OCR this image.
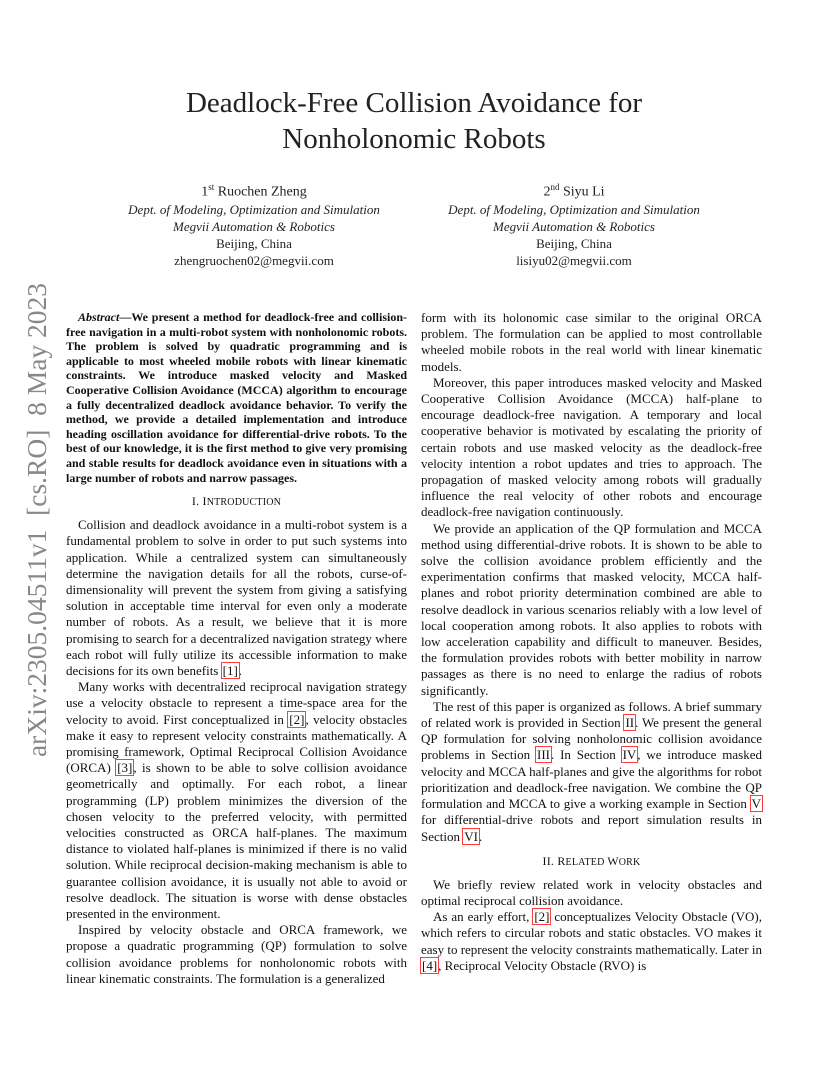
arXiv:2305.04511v1  [cs.RO]  8 May 2023
Deadlock-Free Collision Avoidance for
Nonholonomic Robots
1st Ruochen Zheng
Dept. of Modeling, Optimization and Simulation
Megvii Automation & Robotics
Beijing, China
zhengruochen02@megvii.com
2nd Siyu Li
Dept. of Modeling, Optimization and Simulation
Megvii Automation & Robotics
Beijing, China
lisiyu02@megvii.com

Abstract—We present a method for deadlock-free and collision-free navigation in a multi-robot system with nonholonomic robots. The problem is solved by quadratic programming and is applicable to most wheeled mobile robots with linear kinematic constraints. We introduce masked velocity and Masked Cooperative Collision Avoidance (MCCA) algorithm to encourage a fully decentralized deadlock avoidance behavior. To verify the method, we provide a detailed implementation and introduce heading oscillation avoidance for differential-drive robots. To the best of our knowledge, it is the first method to give very promising and stable results for deadlock avoidance even in situations with a large number of robots and narrow passages.

I. INTRODUCTION

Collision and deadlock avoidance in a multi-robot system is a fundamental problem to solve in order to put such systems into application. While a centralized system can simultaneously determine the navigation details for all the robots, curse-of-dimensionality will prevent the system from giving a satisfying solution in acceptable time interval for even only a moderate number of robots. As a result, we believe that it is more promising to search for a decentralized navigation strategy where each robot will fully utilize its accessible information to make decisions for its own benefits [1].

Many works with decentralized reciprocal navigation strategy use a velocity obstacle to represent a time-space area for the velocity to avoid. First conceptualized in [2], velocity obstacles make it easy to represent velocity constraints mathematically. A promising framework, Optimal Reciprocal Collision Avoidance (ORCA) [3], is shown to be able to solve collision avoidance geometrically and optimally. For each robot, a linear programming (LP) problem minimizes the diversion of the chosen velocity to the preferred velocity, with permitted velocities constructed as ORCA half-planes. The maximum distance to violated half-planes is minimized if there is no valid solution. While reciprocal decision-making mechanism is able to guarantee collision avoidance, it is usually not able to avoid or resolve deadlock. The situation is worse with dense obstacles presented in the environment.

Inspired by velocity obstacle and ORCA framework, we propose a quadratic programming (QP) formulation to solve collision avoidance problems for nonholonomic robots with linear kinematic constraints. The formulation is a generalized

form with its holonomic case similar to the original ORCA problem. The formulation can be applied to most controllable wheeled mobile robots in the real world with linear kinematic models.

Moreover, this paper introduces masked velocity and Masked Cooperative Collision Avoidance (MCCA) half-plane to encourage deadlock-free navigation. A temporary and local cooperative behavior is motivated by escalating the priority of certain robots and use masked velocity as the deadlock-free velocity intention a robot updates and tries to approach. The propagation of masked velocity among robots will gradually influence the real velocity of other robots and encourage deadlock-free navigation continuously.

We provide an application of the QP formulation and MCCA method using differential-drive robots. It is shown to be able to solve the collision avoidance problem efficiently and the experimentation confirms that masked velocity, MCCA half-planes and robot priority determination combined are able to resolve deadlock in various scenarios reliably with a low level of local cooperation among robots. It also applies to robots with low acceleration capability and difficult to maneuver. Besides, the formulation provides robots with better mobility in narrow passages as there is no need to enlarge the radius of robots significantly.

The rest of this paper is organized as follows. A brief summary of related work is provided in Section II. We present the general QP formulation for solving nonholonomic collision avoidance problems in Section III. In Section IV, we introduce masked velocity and MCCA half-planes and give the algorithms for robot prioritization and deadlock-free navigation. We combine the QP formulation and MCCA to give a working example in Section V for differential-drive robots and report simulation results in Section VI.

II. RELATED WORK

We briefly review related work in velocity obstacles and optimal reciprocal collision avoidance.

As an early effort, [2] conceptualizes Velocity Obstacle (VO), which refers to circular robots and static obstacles. VO makes it easy to represent the velocity constraints mathematically. Later in [4], Reciprocal Velocity Obstacle (RVO) is
